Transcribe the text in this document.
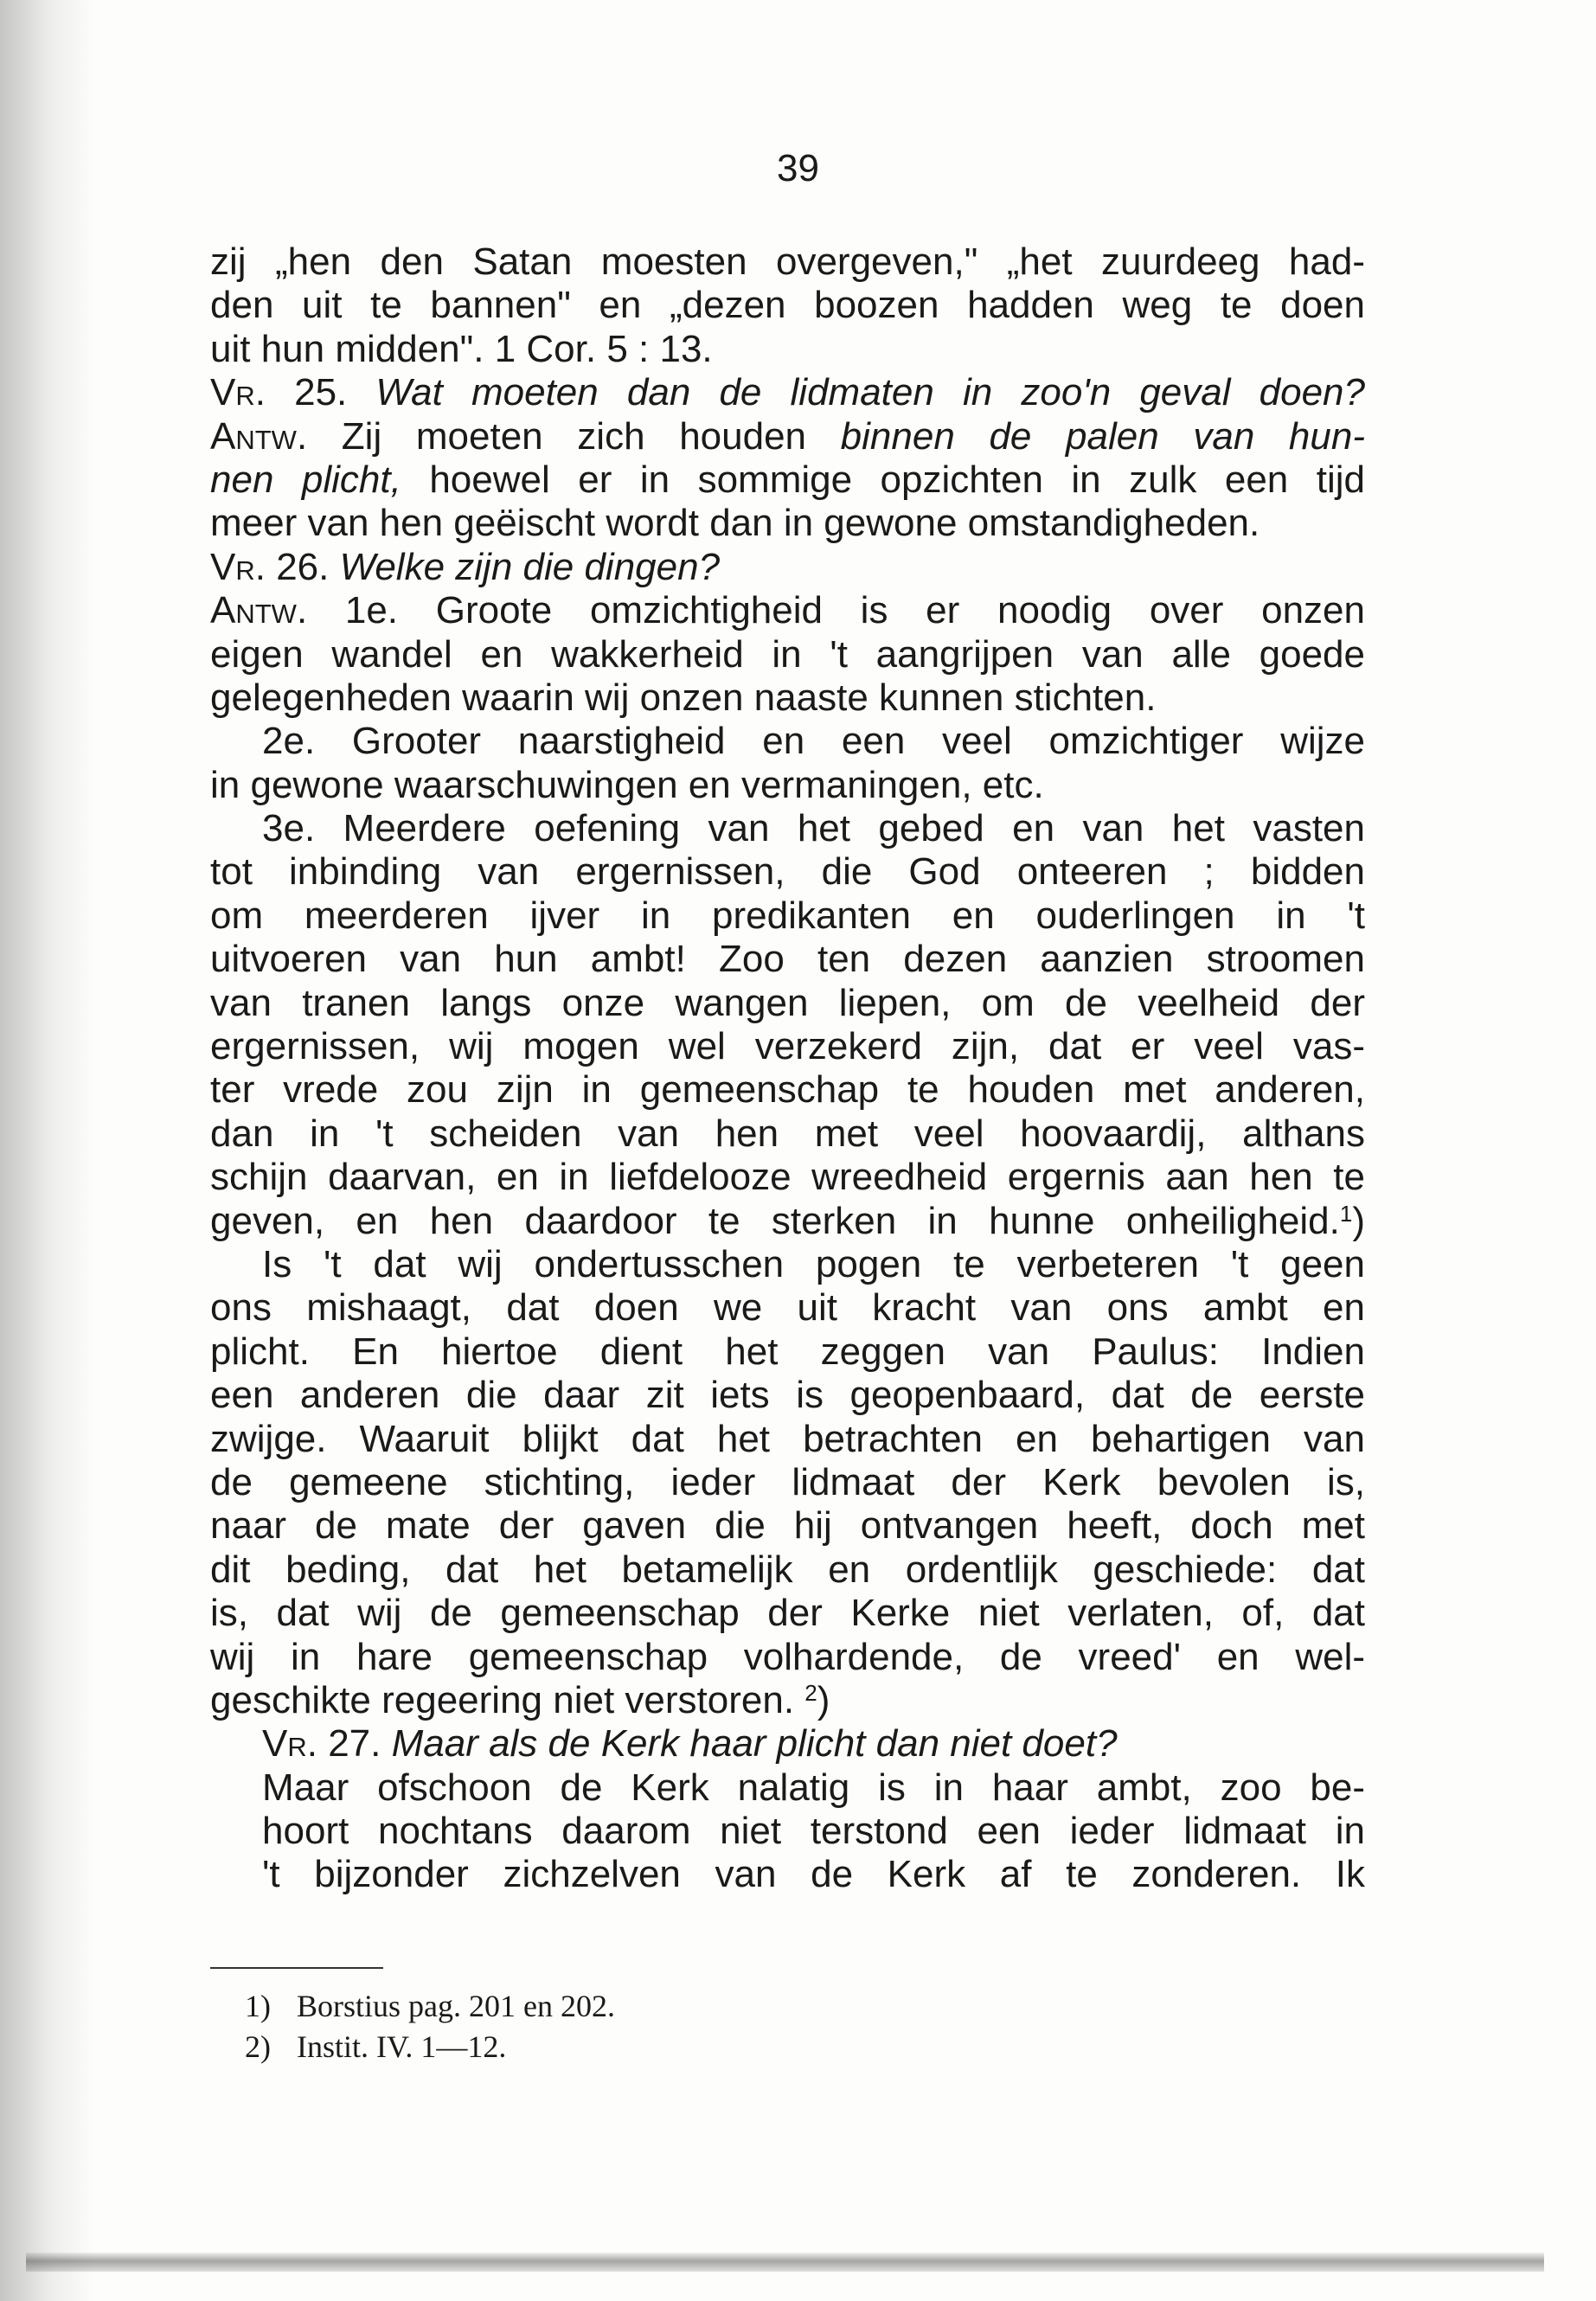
39
zij „hen den Satan moesten overgeven," „het zuurdeeg had-
den uit te bannen" en „dezen boozen hadden weg te doen
uit hun midden". 1 Cor. 5 : 13.
Vr. 25. Wat moeten dan de lidmaten in zoo'n geval doen?
Antw. Zij moeten zich houden binnen de palen van hun-
nen plicht, hoewel er in sommige opzichten in zulk een tijd
meer van hen geëischt wordt dan in gewone omstandigheden.
Vr. 26. Welke zijn die dingen?
Antw. 1e. Groote omzichtigheid is er noodig over onzen
eigen wandel en wakkerheid in 't aangrijpen van alle goede
gelegenheden waarin wij onzen naaste kunnen stichten.
2e. Grooter naarstigheid en een veel omzichtiger wijze
in gewone waarschuwingen en vermaningen, etc.
3e. Meerdere oefening van het gebed en van het vasten
tot inbinding van ergernissen, die God onteeren ; bidden
om meerderen ijver in predikanten en ouderlingen in 't
uitvoeren van hun ambt! Zoo ten dezen aanzien stroomen
van tranen langs onze wangen liepen, om de veelheid der
ergernissen, wij mogen wel verzekerd zijn, dat er veel vas-
ter vrede zou zijn in gemeenschap te houden met anderen,
dan in 't scheiden van hen met veel hoovaardij, althans
schijn daarvan, en in liefdelooze wreedheid ergernis aan hen te
geven, en hen daardoor te sterken in hunne onheiligheid.$^1$)
Is 't dat wij ondertusschen pogen te verbeteren 't geen
ons mishaagt, dat doen we uit kracht van ons ambt en
plicht. En hiertoe dient het zeggen van Paulus: Indien
een anderen die daar zit iets is geopenbaard, dat de eerste
zwijge. Waaruit blijkt dat het betrachten en behartigen van
de gemeene stichting, ieder lidmaat der Kerk bevolen is,
naar de mate der gaven die hij ontvangen heeft, doch met
dit beding, dat het betamelijk en ordentlijk geschiede: dat
is, dat wij de gemeenschap der Kerke niet verlaten, of, dat
wij in hare gemeenschap volhardende, de vreed' en wel-
geschikte regeering niet verstoren. $^2$)
Vr. 27. Maar als de Kerk haar plicht dan niet doet?
Maar ofschoon de Kerk nalatig is in haar ambt, zoo be-
hoort nochtans daarom niet terstond een ieder lidmaat in
't bijzonder zichzelven van de Kerk af te zonderen. Ik
1) Borstius pag. 201 en 202.
2) Instit. IV. 1—12.
